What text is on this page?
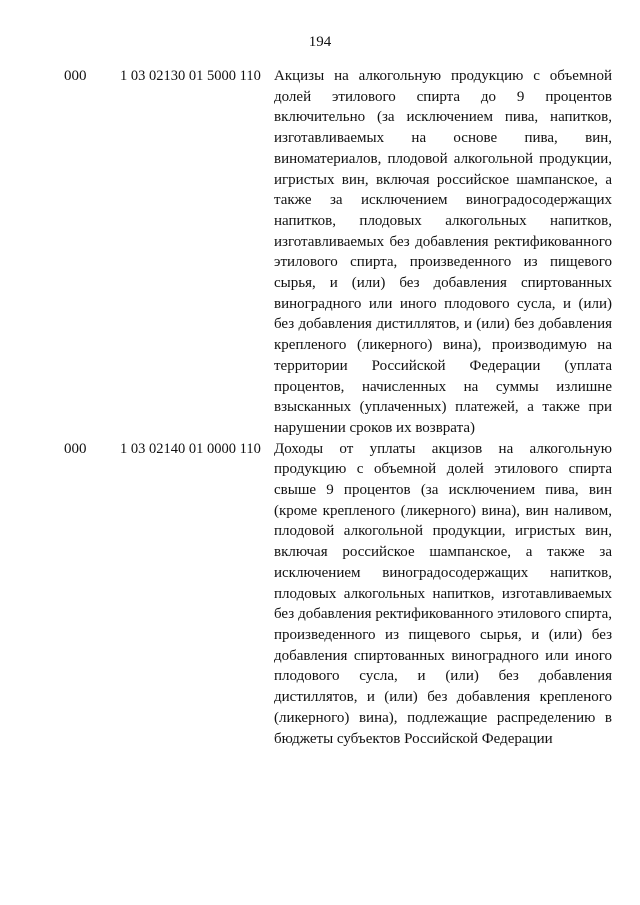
194
000	1 03 02130 01 5000 110 Акцизы на алкогольную продукцию с объемной долей этилового спирта до 9 процентов включительно (за исключением пива, напитков, изготавливаемых на основе пива, вин, виноматериалов, плодовой алкогольной продукции, игристых вин, включая российское шампанское, а также за исключением виноградосодержащих напитков, плодовых алкогольных напитков, изготавливаемых без добавления ректификованного этилового спирта, произведенного из пищевого сырья, и (или) без добавления спиртованных виноградного или иного плодового сусла, и (или) без добавления дистиллятов, и (или) без добавления крепленого (ликерного) вина), производимую на территории Российской Федерации (уплата процентов, начисленных на суммы излишне взысканных (уплаченных) платежей, а также при нарушении сроков их возврата)
000	1 03 02140 01 0000 110 Доходы от уплаты акцизов на алкогольную продукцию с объемной долей этилового спирта свыше 9 процентов (за исключением пива, вин (кроме крепленого (ликерного) вина), вин наливом, плодовой алкогольной продукции, игристых вин, включая российское шампанское, а также за исключением виноградосодержащих напитков, плодовых алкогольных напитков, изготавливаемых без добавления ректификованного этилового спирта, произведенного из пищевого сырья, и (или) без добавления спиртованных виноградного или иного плодового сусла, и (или) без добавления дистиллятов, и (или) без добавления крепленого (ликерного) вина), подлежащие распределению в бюджеты субъектов Российской Федерации
